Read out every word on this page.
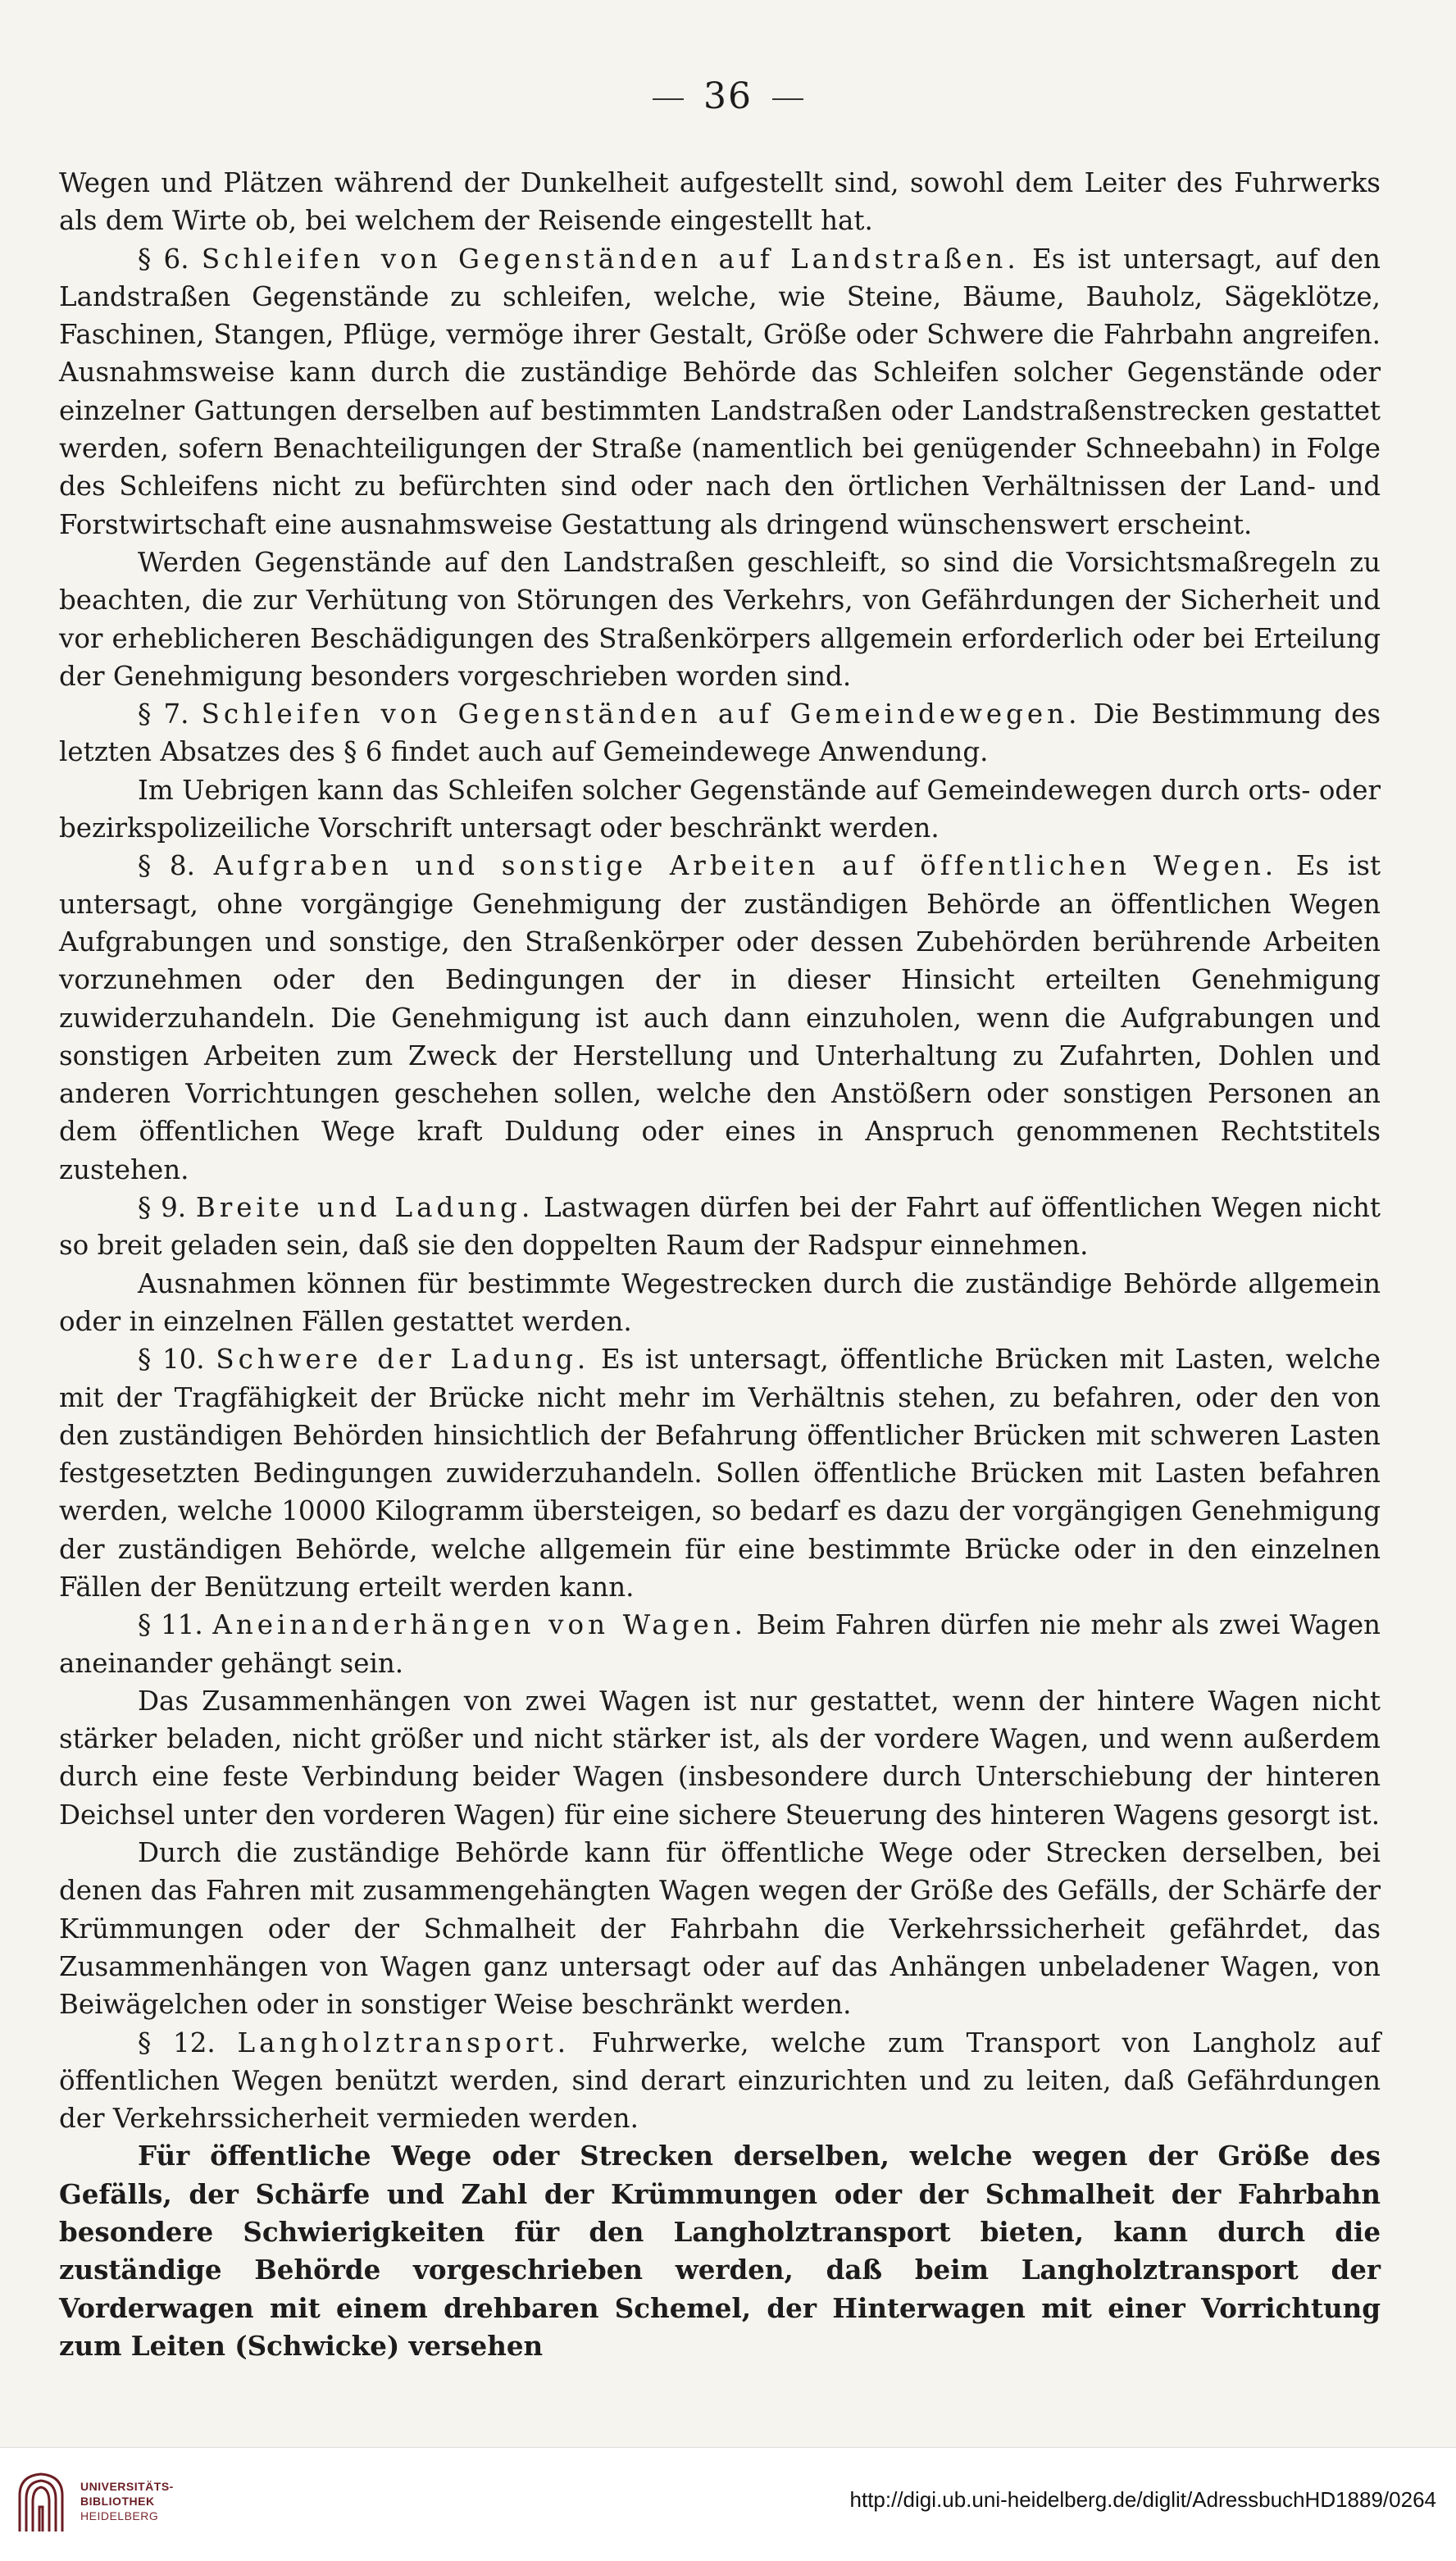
36

Wegen und Plätzen während der Dunkelheit aufgestellt sind, sowohl dem Leiter des Fuhrwerks als dem Wirte ob, bei welchem der Reisende eingestellt hat.

§ 6. Schleifen von Gegenständen auf Landstraßen. Es ist untersagt, auf den Landstraßen Gegenstände zu schleifen, welche, wie Steine, Bäume, Bauholz, Sägeklötze, Faschinen, Stangen, Pflüge, vermöge ihrer Gestalt, Größe oder Schwere die Fahrbahn angreifen. Ausnahmsweise kann durch die zuständige Behörde das Schleifen solcher Gegenstände oder einzelner Gattungen derselben auf bestimmten Landstraßen oder Landstraßenstrecken gestattet werden, sofern Benachteiligungen der Straße (namentlich bei genügender Schneebahn) in Folge des Schleifens nicht zu befürchten sind oder nach den örtlichen Verhältnissen der Land- und Forstwirtschaft eine ausnahmsweise Gestattung als dringend wünschenswert erscheint.

Werden Gegenstände auf den Landstraßen geschleift, so sind die Vorsichtsmaßregeln zu beachten, die zur Verhütung von Störungen des Verkehrs, von Gefährdungen der Sicherheit und vor erheblicheren Beschädigungen des Straßenkörpers allgemein erforderlich oder bei Erteilung der Genehmigung besonders vorgeschrieben worden sind.

§ 7. Schleifen von Gegenständen auf Gemeindewegen. Die Bestimmung des letzten Absatzes des § 6 findet auch auf Gemeindewege Anwendung.

Im Uebrigen kann das Schleifen solcher Gegenstände auf Gemeindewegen durch orts- oder bezirkspolizeiliche Vorschrift untersagt oder beschränkt werden.

§ 8. Aufgraben und sonstige Arbeiten auf öffentlichen Wegen. Es ist untersagt, ohne vorgängige Genehmigung der zuständigen Behörde an öffentlichen Wegen Aufgrabungen und sonstige, den Straßenkörper oder dessen Zubehörden berührende Arbeiten vorzunehmen oder den Bedingungen der in dieser Hinsicht erteilten Genehmigung zuwiderzuhandeln. Die Genehmigung ist auch dann einzuholen, wenn die Aufgrabungen und sonstigen Arbeiten zum Zweck der Herstellung und Unterhaltung zu Zufahrten, Dohlen und anderen Vorrichtungen geschehen sollen, welche den Anstößern oder sonstigen Personen an dem öffentlichen Wege kraft Duldung oder eines in Anspruch genommenen Rechtstitels zustehen.

§ 9. Breite und Ladung. Lastwagen dürfen bei der Fahrt auf öffentlichen Wegen nicht so breit geladen sein, daß sie den doppelten Raum der Radspur einnehmen.

Ausnahmen können für bestimmte Wegestrecken durch die zuständige Behörde allgemein oder in einzelnen Fällen gestattet werden.

§ 10. Schwere der Ladung. Es ist untersagt, öffentliche Brücken mit Lasten, welche mit der Tragfähigkeit der Brücke nicht mehr im Verhältnis stehen, zu befahren, oder den von den zuständigen Behörden hinsichtlich der Befahrung öffentlicher Brücken mit schweren Lasten festgesetzten Bedingungen zuwiderzuhandeln. Sollen öffentliche Brücken mit Lasten befahren werden, welche 10000 Kilogramm übersteigen, so bedarf es dazu der vorgängigen Genehmigung der zuständigen Behörde, welche allgemein für eine bestimmte Brücke oder in den einzelnen Fällen der Benützung erteilt werden kann.

§ 11. Aneinanderhängen von Wagen. Beim Fahren dürfen nie mehr als zwei Wagen aneinander gehängt sein.

Das Zusammenhängen von zwei Wagen ist nur gestattet, wenn der hintere Wagen nicht stärker beladen, nicht größer und nicht stärker ist, als der vordere Wagen, und wenn außerdem durch eine feste Verbindung beider Wagen (insbesondere durch Unterschiebung der hinteren Deichsel unter den vorderen Wagen) für eine sichere Steuerung des hinteren Wagens gesorgt ist.

Durch die zuständige Behörde kann für öffentliche Wege oder Strecken derselben, bei denen das Fahren mit zusammengehängten Wagen wegen der Größe des Gefälls, der Schärfe der Krümmungen oder der Schmalheit der Fahrbahn die Verkehrssicherheit gefährdet, das Zusammenhängen von Wagen ganz untersagt oder auf das Anhängen unbeladener Wagen, von Beiwägelchen oder in sonstiger Weise beschränkt werden.

§ 12. Langholztransport. Fuhrwerke, welche zum Transport von Langholz auf öffentlichen Wegen benützt werden, sind derart einzurichten und zu leiten, daß Gefährdungen der Verkehrssicherheit vermieden werden.

Für öffentliche Wege oder Strecken derselben, welche wegen der Größe des Gefälls, der Schärfe und Zahl der Krümmungen oder der Schmalheit der Fahrbahn besondere Schwierigkeiten für den Langholztransport bieten, kann durch die zuständige Behörde vorgeschrieben werden, daß beim Langholztransport der Vorderwagen mit einem drehbaren Schemel, der Hinterwagen mit einer Vorrichtung zum Leiten (Schwicke) versehen

UNIVERSITÄTS-
BIBLIOTHEK
HEIDELBERG
http://digi.ub.uni-heidelberg.de/diglit/AdressbuchHD1889/0264
